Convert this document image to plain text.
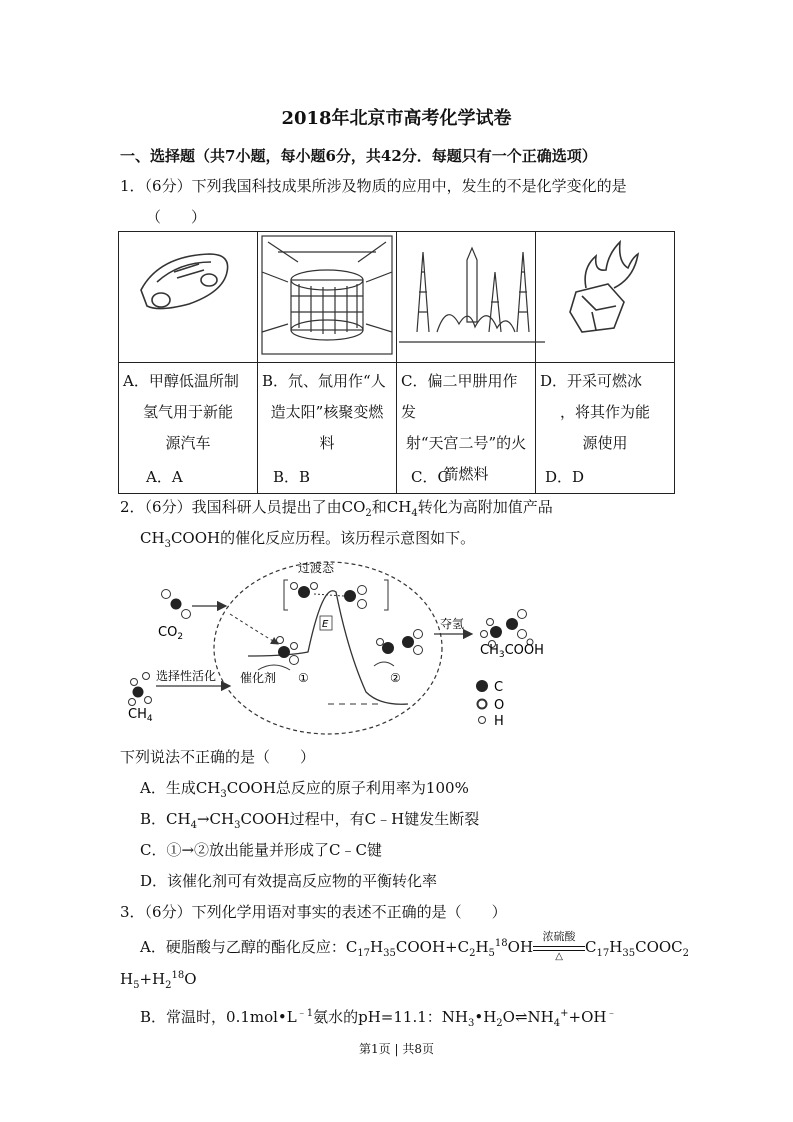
2018年北京市高考化学试卷
一、选择题（共7小题，每小题6分，共42分．每题只有一个正确选项）
1．（6分）下列我国科技成果所涉及物质的应用中，发生的不是化学变化的是
（　　）

A．甲醇低温所制
氢气用于新能
源汽车	B．氘、氚用作“人
造太阳”核聚变燃
料	C．偏二甲肼用作发
射“天宫二号”的火
箭燃料	D．开采可燃冰
，将其作为能
源使用
A．A	B．B	C．C	D．D
2．（6分）我国科研人员提出了由$CO_2$和$CH_4$转化为高附加值产品
$CH_3COOH$的催化反应历程。该历程示意图如下。
$CO_2$
$CH_4$
选择性活化
过渡态
E
催化剂 ①	②
夺氢
$CH_3COOH$
C
O
H
下列说法不正确的是（　　）
A．生成$CH_3COOH$总反应的原子利用率为100%
B．$CH_4\to CH_3COOH$过程中，有C﹣H键发生断裂
C．①→②放出能量并形成了C﹣C键
D．该催化剂可有效提高反应物的平衡转化率
3．（6分）下列化学用语对事实的表述不正确的是（　　）
A．硬脂酸与乙醇的酯化反应：$C_{17}H_{35}COOH+C_2H_5^{18}OH$
浓硫酸
△
$C_{17}H_{35}COOC_2$
$H_5+H_2^{18}O$
B．常温时，$0.1mol•L^{﹣1}$氨水的pH=11.1：$NH_3•H_2O\rightleftharpoons NH_4^++OH^﹣$
第1页 | 共8页
